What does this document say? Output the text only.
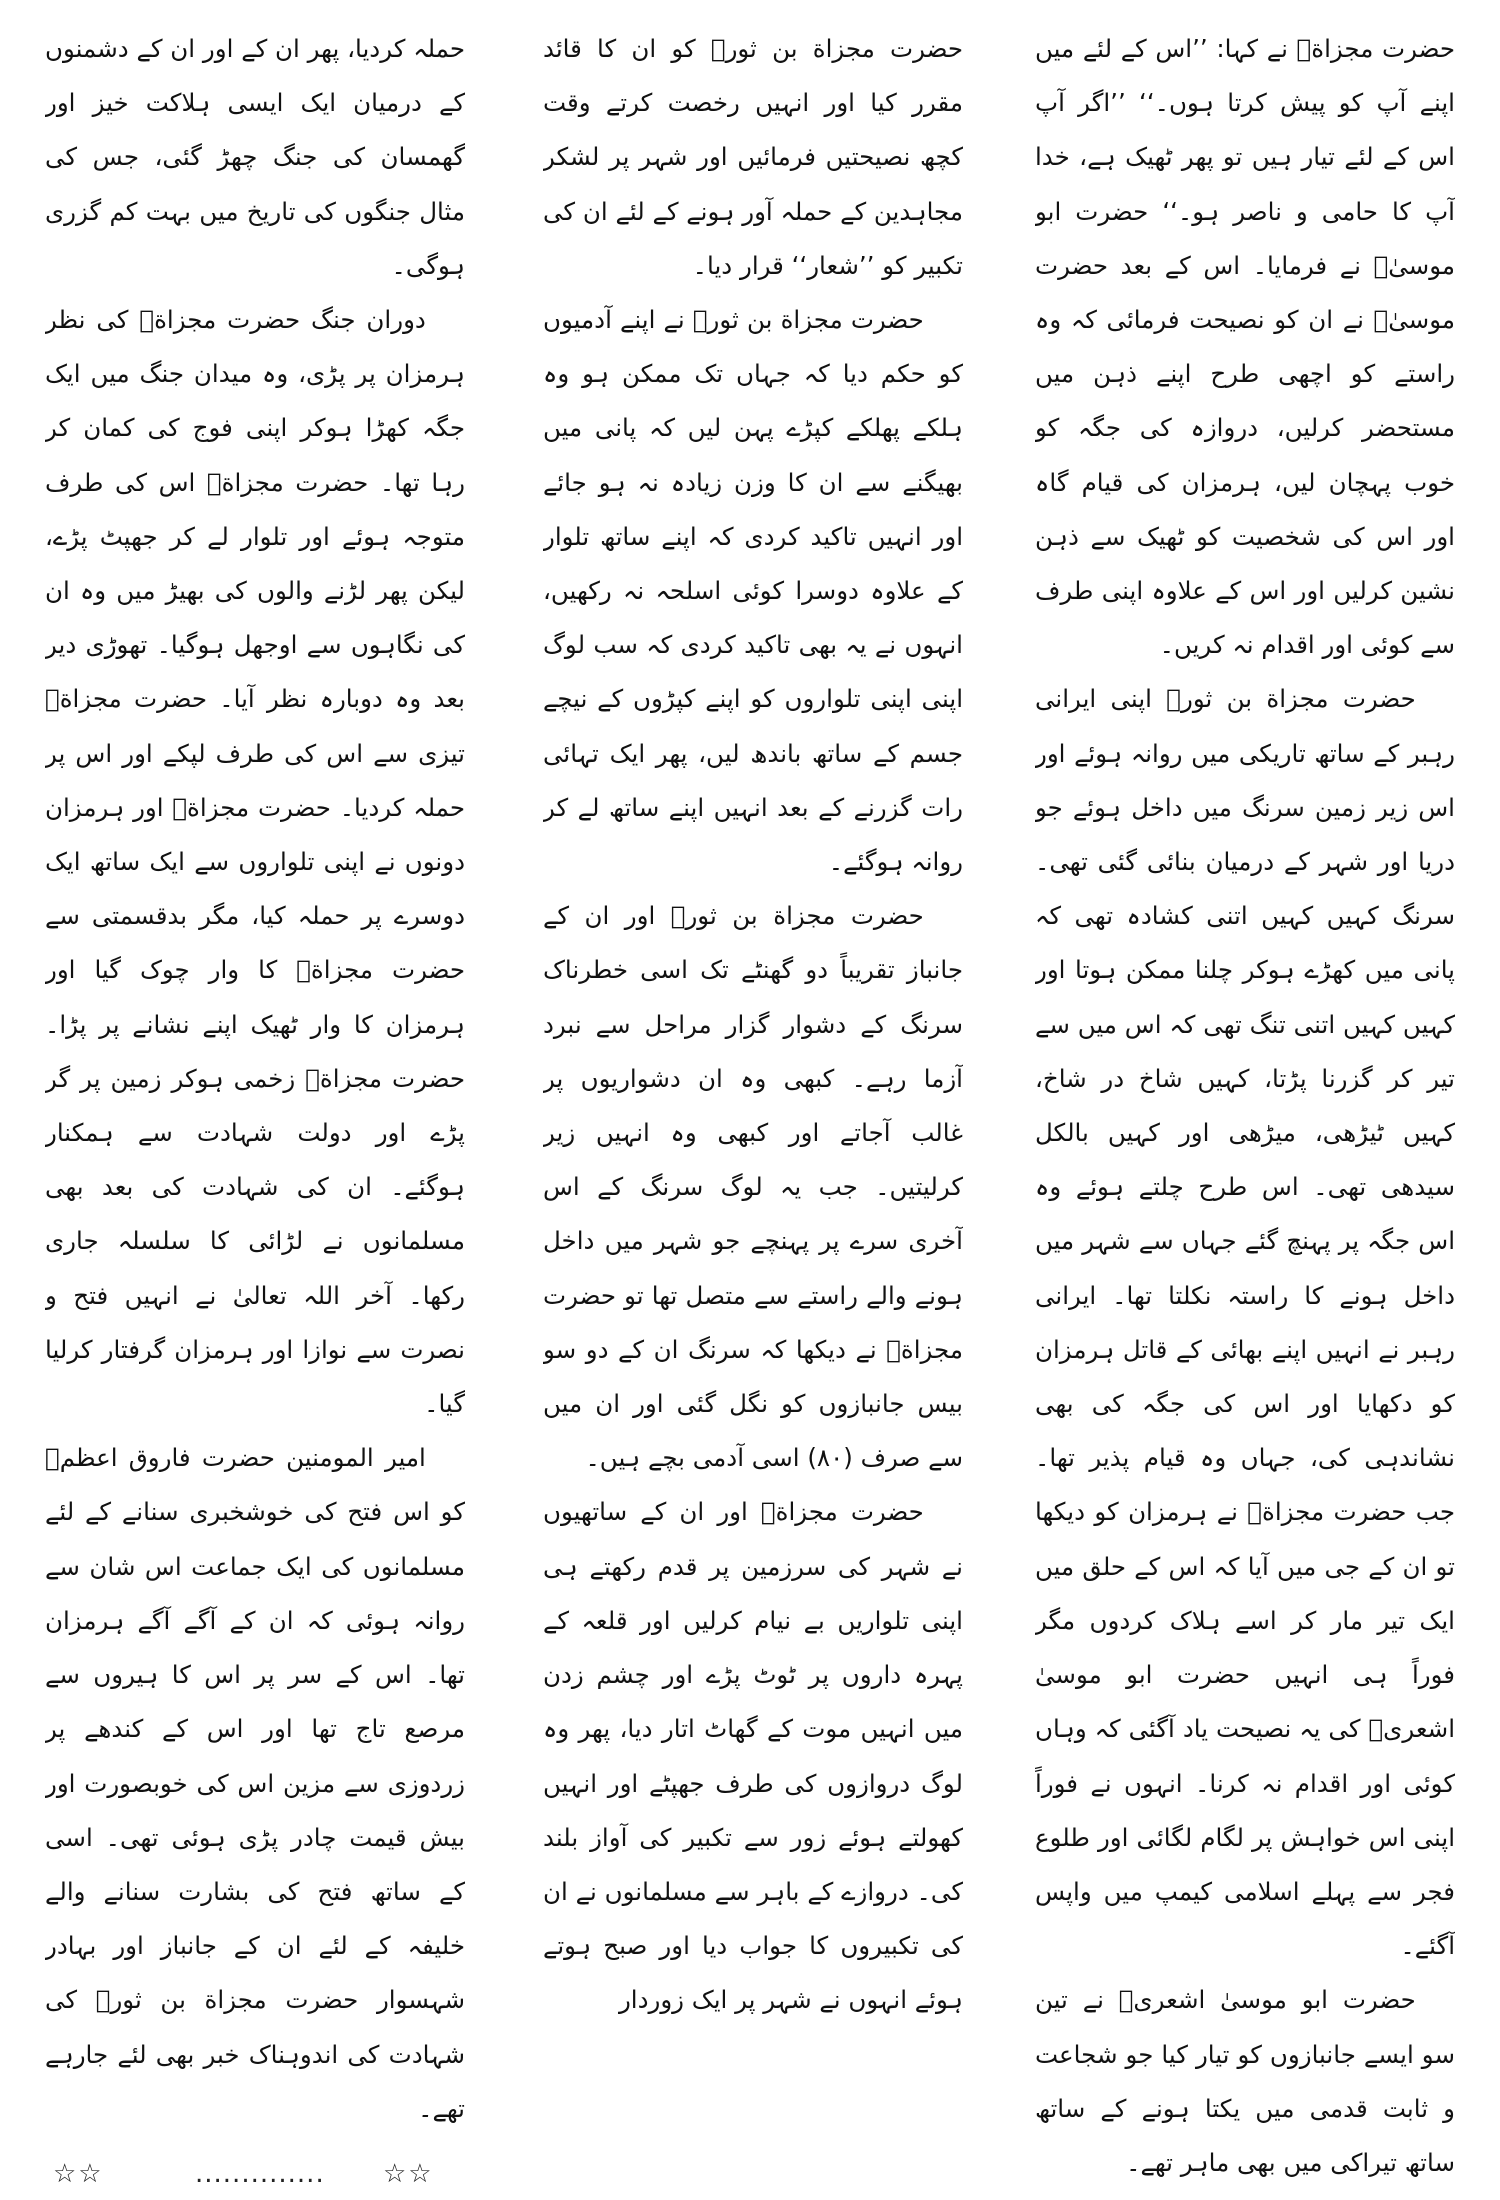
حضرت مجزاةؓ نے کہا: ’’اس کے لئے میں اپنے آپ کو پیش کرتا ہوں۔‘‘ ’’اگر آپ اس کے لئے تیار ہیں تو پھر ٹھیک ہے، خدا آپ کا حامی و ناصر ہو۔‘‘ حضرت ابو موسیٰؓ نے فرمایا۔ اس کے بعد حضرت موسیٰؓ نے ان کو نصیحت فرمائی کہ وہ راستے کو اچھی طرح اپنے ذہن میں مستحضر کرلیں، دروازہ کی جگہ کو خوب پہچان لیں، ہرمزان کی قیام گاہ اور اس کی شخصیت کو ٹھیک سے ذہن نشین کرلیں اور اس کے علاوہ اپنی طرف سے کوئی اور اقدام نہ کریں۔

حضرت مجزاة بن ثورؓ اپنی ایرانی رہبر کے ساتھ تاریکی میں روانہ ہوئے اور اس زیر زمین سرنگ میں داخل ہوئے جو دریا اور شہر کے درمیان بنائی گئی تھی۔ سرنگ کہیں کہیں اتنی کشادہ تھی کہ پانی میں کھڑے ہوکر چلنا ممکن ہوتا اور کہیں کہیں اتنی تنگ تھی کہ اس میں سے تیر کر گزرنا پڑتا، کہیں شاخ در شاخ، کہیں ٹیڑھی، میڑھی اور کہیں بالکل سیدھی تھی۔ اس طرح چلتے ہوئے وہ اس جگہ پر پہنچ گئے جہاں سے شہر میں داخل ہونے کا راستہ نکلتا تھا۔ ایرانی رہبر نے انہیں اپنے بھائی کے قاتل ہرمزان کو دکھایا اور اس کی جگہ کی بھی نشاندہی کی، جہاں وہ قیام پذیر تھا۔ جب حضرت مجزاةؓ نے ہرمزان کو دیکھا تو ان کے جی میں آیا کہ اس کے حلق میں ایک تیر مار کر اسے ہلاک کردوں مگر فوراً ہی انہیں حضرت ابو موسیٰ اشعریؓ کی یہ نصیحت یاد آگئی کہ وہاں کوئی اور اقدام نہ کرنا۔ انہوں نے فوراً اپنی اس خواہش پر لگام لگائی اور طلوع فجر سے پہلے اسلامی کیمپ میں واپس آگئے۔

حضرت ابو موسیٰ اشعریؓ نے تین سو ایسے جانبازوں کو تیار کیا جو شجاعت و ثابت قدمی میں یکتا ہونے کے ساتھ ساتھ تیراکی میں بھی ماہر تھے۔

حضرت مجزاة بن ثورؓ کو ان کا قائد مقرر کیا اور انہیں رخصت کرتے وقت کچھ نصیحتیں فرمائیں اور شہر پر لشکر مجاہدین کے حملہ آور ہونے کے لئے ان کی تکبیر کو ’’شعار‘‘ قرار دیا۔

حضرت مجزاة بن ثورؓ نے اپنے آدمیوں کو حکم دیا کہ جہاں تک ممکن ہو وہ ہلکے پھلکے کپڑے پہن لیں کہ پانی میں بھیگنے سے ان کا وزن زیادہ نہ ہو جائے اور انہیں تاکید کردی کہ اپنے ساتھ تلوار کے علاوہ دوسرا کوئی اسلحہ نہ رکھیں، انہوں نے یہ بھی تاکید کردی کہ سب لوگ اپنی اپنی تلواروں کو اپنے کپڑوں کے نیچے جسم کے ساتھ باندھ لیں، پھر ایک تہائی رات گزرنے کے بعد انہیں اپنے ساتھ لے کر روانہ ہوگئے۔

حضرت مجزاة بن ثورؓ اور ان کے جانباز تقریباً دو گھنٹے تک اسی خطرناک سرنگ کے دشوار گزار مراحل سے نبرد آزما رہے۔ کبھی وہ ان دشواریوں پر غالب آجاتے اور کبھی وہ انہیں زیر کرلیتیں۔ جب یہ لوگ سرنگ کے اس آخری سرے پر پہنچے جو شہر میں داخل ہونے والے راستے سے متصل تھا تو حضرت مجزاةؓ نے دیکھا کہ سرنگ ان کے دو سو بیس جانبازوں کو نگل گئی اور ان میں سے صرف (۸۰) اسی آدمی بچے ہیں۔

حضرت مجزاةؓ اور ان کے ساتھیوں نے شہر کی سرزمین پر قدم رکھتے ہی اپنی تلواریں بے نیام کرلیں اور قلعہ کے پہرہ داروں پر ٹوٹ پڑے اور چشم زدن میں انہیں موت کے گھاٹ اتار دیا، پھر وہ لوگ دروازوں کی طرف جھپٹے اور انہیں کھولتے ہوئے زور سے تکبیر کی آواز بلند کی۔ دروازے کے باہر سے مسلمانوں نے ان کی تکبیروں کا جواب دیا اور صبح ہوتے ہوئے انہوں نے شہر پر ایک زوردار

حملہ کردیا، پھر ان کے اور ان کے دشمنوں کے درمیان ایک ایسی ہلاکت خیز اور گھمسان کی جنگ چھڑ گئی، جس کی مثال جنگوں کی تاریخ میں بہت کم گزری ہوگی۔

دوران جنگ حضرت مجزاةؓ کی نظر ہرمزان پر پڑی، وہ میدان جنگ میں ایک جگہ کھڑا ہوکر اپنی فوج کی کمان کر رہا تھا۔ حضرت مجزاةؓ اس کی طرف متوجہ ہوئے اور تلوار لے کر جھپٹ پڑے، لیکن پھر لڑنے والوں کی بھیڑ میں وہ ان کی نگاہوں سے اوجھل ہوگیا۔ تھوڑی دیر بعد وہ دوبارہ نظر آیا۔ حضرت مجزاةؓ تیزی سے اس کی طرف لپکے اور اس پر حملہ کردیا۔ حضرت مجزاةؓ اور ہرمزان دونوں نے اپنی تلواروں سے ایک ساتھ ایک دوسرے پر حملہ کیا، مگر بدقسمتی سے حضرت مجزاةؓ کا وار چوک گیا اور ہرمزان کا وار ٹھیک اپنے نشانے پر پڑا۔ حضرت مجزاةؓ زخمی ہوکر زمین پر گر پڑے اور دولت شہادت سے ہمکنار ہوگئے۔ ان کی شہادت کی بعد بھی مسلمانوں نے لڑائی کا سلسلہ جاری رکھا۔ آخر اللہ تعالیٰ نے انہیں فتح و نصرت سے نوازا اور ہرمزان گرفتار کرلیا گیا۔

امیر المومنین حضرت فاروق اعظمؓ کو اس فتح کی خوشخبری سنانے کے لئے مسلمانوں کی ایک جماعت اس شان سے روانہ ہوئی کہ ان کے آگے آگے ہرمزان تھا۔ اس کے سر پر اس کا ہیروں سے مرصع تاج تھا اور اس کے کندھے پر زردوزی سے مزین اس کی خوبصورت اور بیش قیمت چادر پڑی ہوئی تھی۔ اسی کے ساتھ فتح کی بشارت سنانے والے خلیفہ کے لئے ان کے جانباز اور بہادر شہسوار حضرت مجزاة بن ثورؓ کی شہادت کی اندوہناک خبر بھی لئے جارہے تھے۔

☆☆	.............. ☆☆
